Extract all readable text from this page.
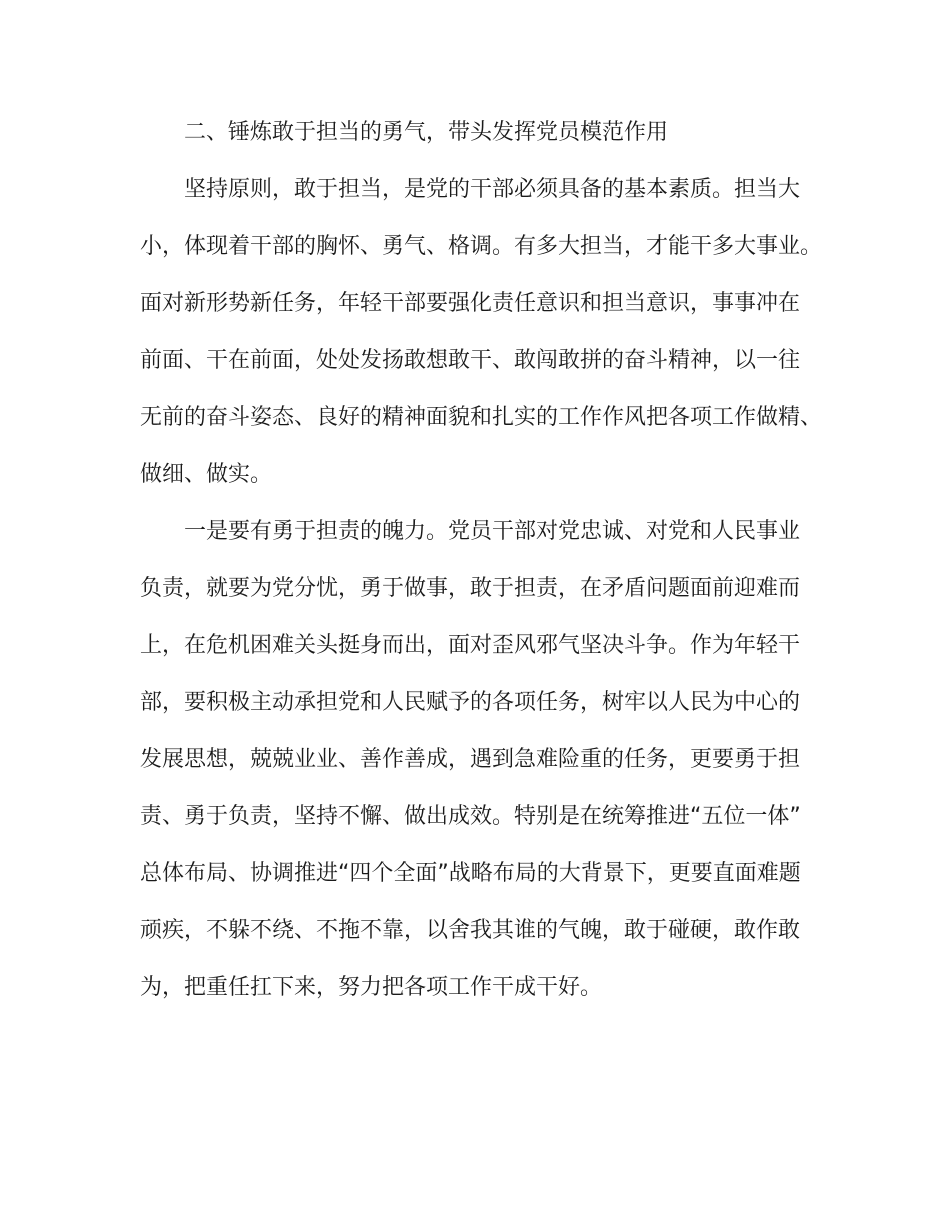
二、锤炼敢于担当的勇气，带头发挥党员模范作用
坚持原则，敢于担当，是党的干部必须具备的基本素质。担当大
小，体现着干部的胸怀、勇气、格调。有多大担当，才能干多大事业。
面对新形势新任务，年轻干部要强化责任意识和担当意识，事事冲在
前面、干在前面，处处发扬敢想敢干、敢闯敢拼的奋斗精神，以一往
无前的奋斗姿态、良好的精神面貌和扎实的工作作风把各项工作做精、
做细、做实。
一是要有勇于担责的魄力。党员干部对党忠诚、对党和人民事业
负责，就要为党分忧，勇于做事，敢于担责，在矛盾问题面前迎难而
上，在危机困难关头挺身而出，面对歪风邪气坚决斗争。作为年轻干
部，要积极主动承担党和人民赋予的各项任务，树牢以人民为中心的
发展思想，兢兢业业、善作善成，遇到急难险重的任务，更要勇于担
责、勇于负责，坚持不懈、做出成效。特别是在统筹推进“五位一体”
总体布局、协调推进“四个全面”战略布局的大背景下，更要直面难题
顽疾，不躲不绕、不拖不靠，以舍我其谁的气魄，敢于碰硬，敢作敢
为，把重任扛下来，努力把各项工作干成干好。
